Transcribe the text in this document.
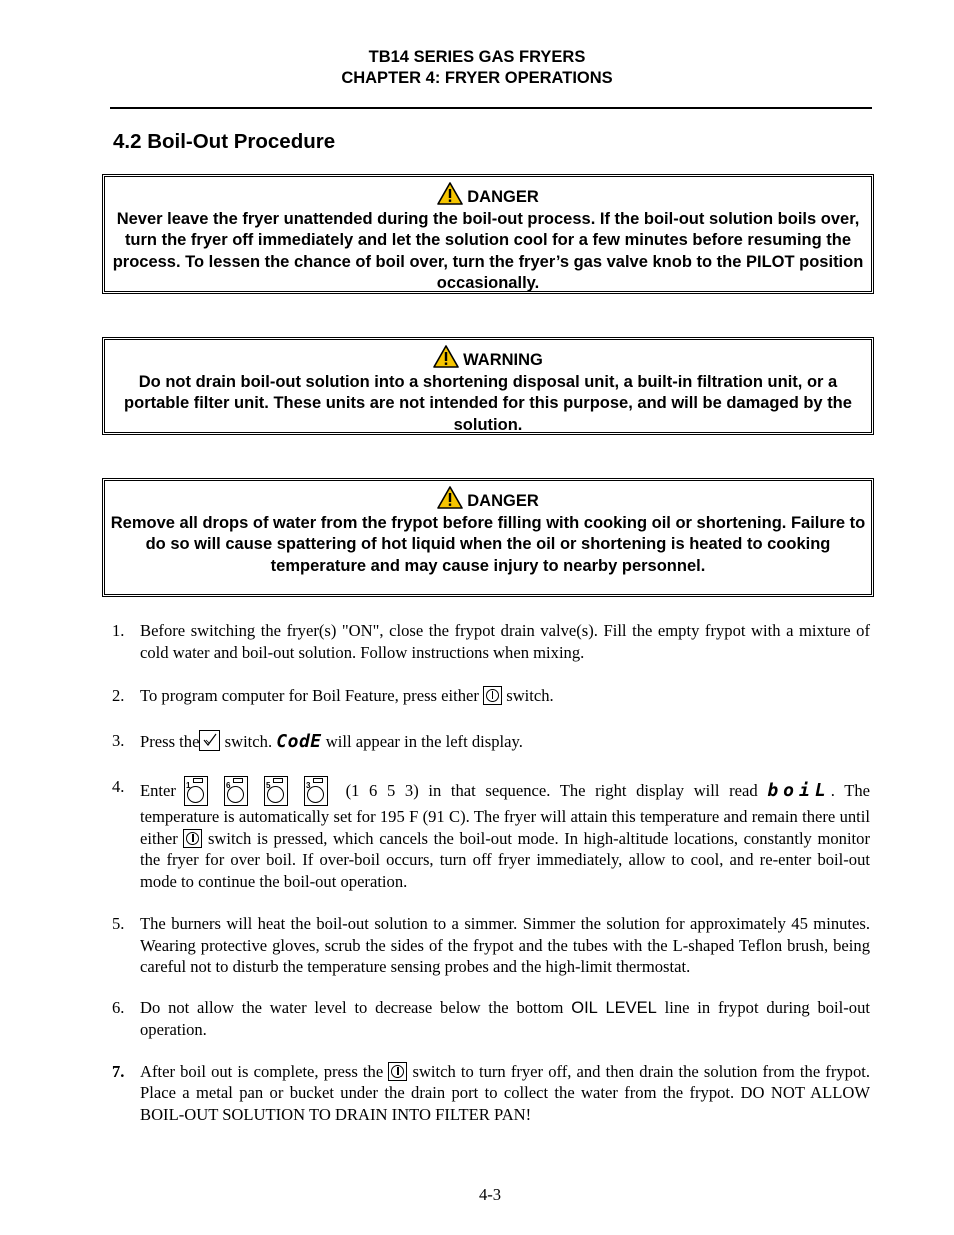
TB14 SERIES GAS FRYERS
CHAPTER 4: FRYER OPERATIONS
4.2 Boil-Out Procedure
DANGER
Never leave the fryer unattended during the boil-out process. If the boil-out solution boils over, turn the fryer off immediately and let the solution cool for a few minutes before resuming the process. To lessen the chance of boil over, turn the fryer’s gas valve knob to the PILOT position occasionally.
WARNING
Do not drain boil-out solution into a shortening disposal unit, a built-in filtration unit, or a portable filter unit. These units are not intended for this purpose, and will be damaged by the solution.
DANGER
Remove all drops of water from the frypot before filling with cooking oil or shortening. Failure to do so will cause spattering of hot liquid when the oil or shortening is heated to cooking temperature and may cause injury to nearby personnel.
1. Before switching the fryer(s) "ON", close the frypot drain valve(s). Fill the empty frypot with a mixture of cold water and boil-out solution. Follow instructions when mixing.
2. To program computer for Boil Feature, press either switch.
3. Press the switch. CodE will appear in the left display.
4. Enter 1	6	5	3 (1 6 5 3) in that sequence. The right display will read boiL. The temperature is automatically set for 195 F (91 C). The fryer will attain this temperature and remain there until either switch is pressed, which cancels the boil-out mode. In high-altitude locations, constantly monitor the fryer for over boil. If over-boil occurs, turn off fryer immediately, allow to cool, and re-enter boil-out mode to continue the boil-out operation.
5. The burners will heat the boil-out solution to a simmer. Simmer the solution for approximately 45 minutes. Wearing protective gloves, scrub the sides of the frypot and the tubes with the L-shaped Teflon brush, being careful not to disturb the temperature sensing probes and the high-limit thermostat.
6. Do not allow the water level to decrease below the bottom OIL LEVEL line in frypot during boil-out operation.
7. After boil out is complete, press the switch to turn fryer off, and then drain the solution from the frypot. Place a metal pan or bucket under the drain port to collect the water from the frypot. DO NOT ALLOW BOIL-OUT SOLUTION TO DRAIN INTO FILTER PAN!
4-3
